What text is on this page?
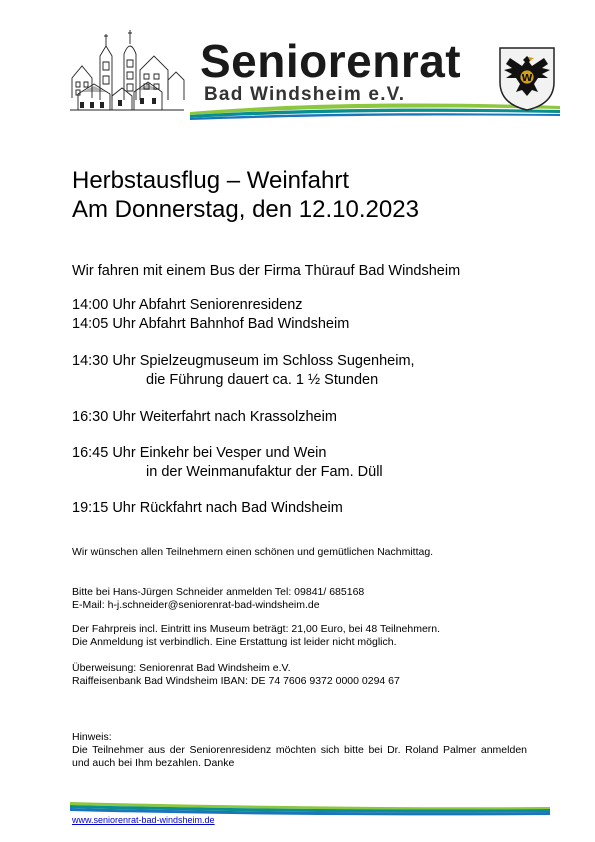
Seniorenrat
Bad Windsheim e.V.
W
Herbstausflug – Weinfahrt
Am Donnerstag, den 12.10.2023
Wir fahren mit einem Bus der Firma Thürauf Bad Windsheim
14:00 Uhr Abfahrt Seniorenresidenz
14:05 Uhr Abfahrt Bahnhof Bad Windsheim
14:30 Uhr Spielzeugmuseum im Schloss Sugenheim,
die Führung dauert ca. 1 ½ Stunden
16:30 Uhr Weiterfahrt nach Krassolzheim
16:45 Uhr Einkehr bei Vesper und Wein
in der Weinmanufaktur der Fam. Düll
19:15 Uhr Rückfahrt nach Bad Windsheim
Wir wünschen allen Teilnehmern einen schönen und gemütlichen Nachmittag.
Bitte bei Hans-Jürgen Schneider anmelden Tel: 09841/ 685168
E-Mail: h-j.schneider@seniorenrat-bad-windsheim.de
Der Fahrpreis incl. Eintritt ins Museum beträgt: 21,00 Euro, bei 48 Teilnehmern.
Die Anmeldung ist verbindlich. Eine Erstattung ist leider nicht möglich.
Überweisung: Seniorenrat Bad Windsheim e.V.
Raiffeisenbank Bad Windsheim IBAN: DE 74 7606 9372 0000 0294 67
Hinweis:
Die Teilnehmer aus der Seniorenresidenz möchten sich bitte bei Dr. Roland Palmer anmelden und auch bei Ihm bezahlen. Danke
www.seniorenrat-bad-windsheim.de
